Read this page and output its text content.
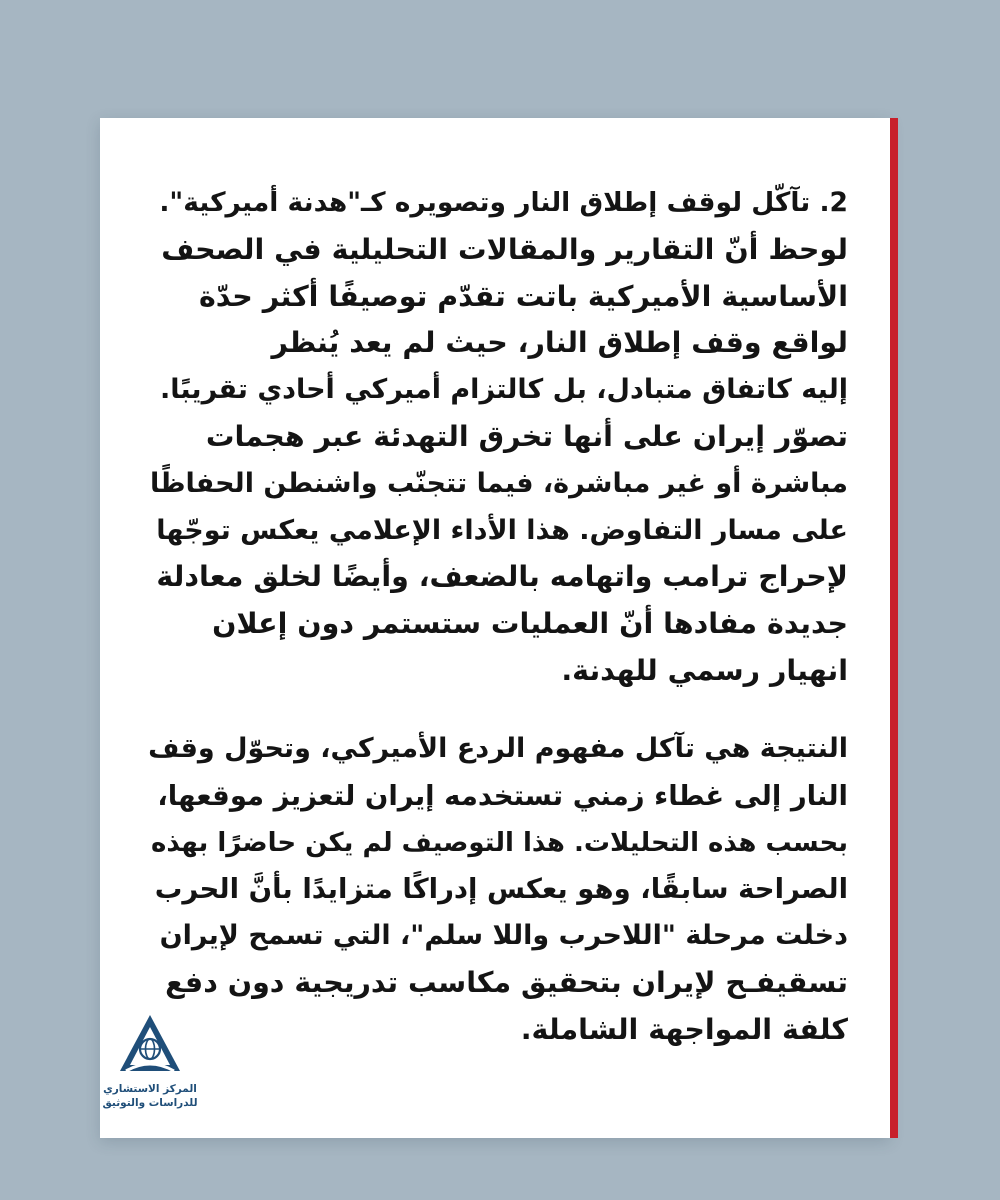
2. تآكّل لوقف إطلاق النار وتصويره كـ"هدنة أميركية".
لوحظ أنّ التقارير والمقالات التحليلية في الصحف
الأساسية الأميركية باتت تقدّم توصيفًا أكثر حدّة
لواقع وقف إطلاق النار، حيث لم يعد يُنظر
إليه كاتفاق متبادل، بل كالتزام أميركي أحادي تقريبًا.
تصوّر إيران على أنها تخرق التهدئة عبر هجمات
مباشرة أو غير مباشرة، فيما تتجنّب واشنطن الحفاظًا
على مسار التفاوض. هذا الأداء الإعلامي يعكس توجّها
لإحراج ترامب واتهامه بالضعف، وأيضًا لخلق معادلة
جديدة مفادها أنّ العمليات ستستمر دون إعلان
انهيار رسمي للهدنة.
النتيجة هي تآكل مفهوم الردع الأميركي، وتحوّل وقف
النار إلى غطاء زمني تستخدمه إيران لتعزيز موقعها،
بحسب هذه التحليلات. هذا التوصيف لم يكن حاضرًا بهذه
الصراحة سابقًا، وهو يعكس إدراكًا متزايدًا بأنَّ الحرب
دخلت مرحلة "اللاحرب واللا سلم"، التي تسمح لإيران
تسقيفـح لإيران بتحقيق مكاسب تدريجية دون دفع
كلفة المواجهة الشاملة.
المركز الاستشاري
للدراسات والتوثيق
